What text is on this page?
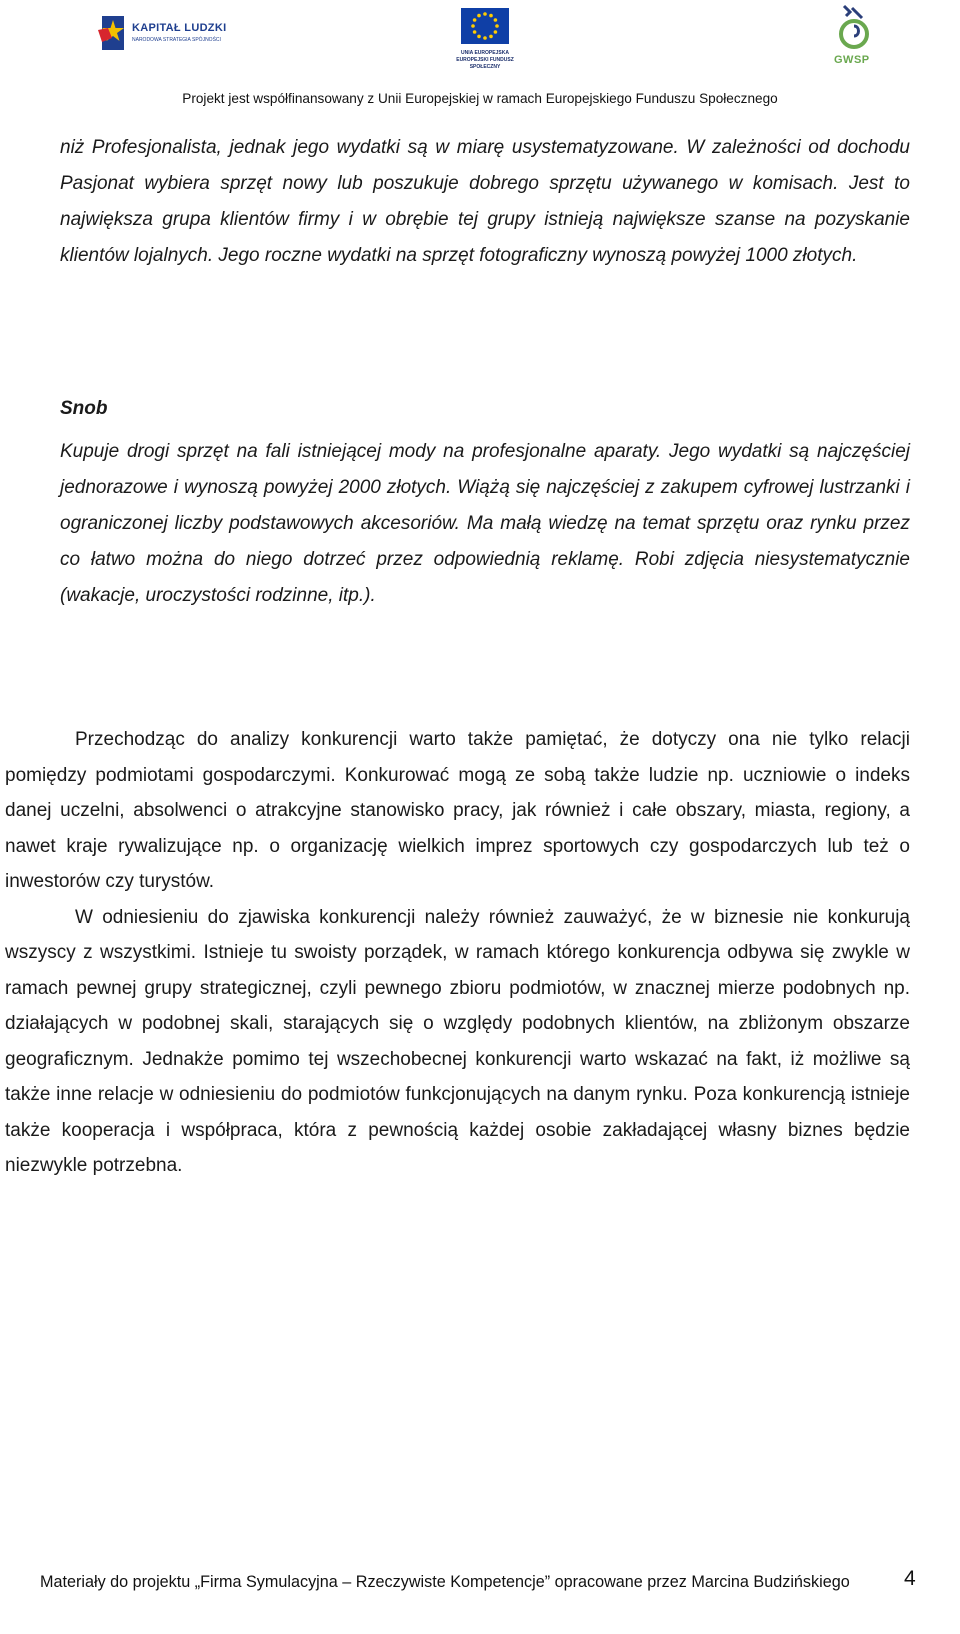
KAPITAŁ LUDZKI
NARODOWA STRATEGIA SPÓJNOŚCI
UNIA EUROPEJSKA
EUROPEJSKI FUNDUSZ
SPOŁECZNY
GWSP
Projekt jest współfinansowany z Unii Europejskiej w ramach Europejskiego Funduszu Społecznego

niż Profesjonalista, jednak jego wydatki są w miarę usystematyzowane. W zależności od dochodu Pasjonat wybiera sprzęt nowy lub poszukuje dobrego sprzętu używanego w komisach. Jest to największa grupa klientów firmy i w obrębie tej grupy istnieją największe szanse na pozyskanie klientów lojalnych. Jego roczne wydatki na sprzęt fotograficzny wynoszą powyżej 1000 złotych.

Snob

Kupuje drogi sprzęt na fali istniejącej mody na profesjonalne aparaty. Jego wydatki są najczęściej jednorazowe i wynoszą powyżej 2000 złotych. Wiążą się najczęściej z zakupem cyfrowej lustrzanki i ograniczonej liczby podstawowych akcesoriów. Ma małą wiedzę na temat sprzętu oraz rynku przez co łatwo można do niego dotrzeć przez odpowiednią reklamę. Robi zdjęcia niesystematycznie (wakacje, uroczystości rodzinne, itp.).

Przechodząc do analizy konkurencji warto także pamiętać, że dotyczy ona nie tylko relacji pomiędzy podmiotami gospodarczymi. Konkurować mogą ze sobą także ludzie np. uczniowie o indeks danej uczelni, absolwenci o atrakcyjne stanowisko pracy, jak również i całe obszary, miasta, regiony, a nawet kraje rywalizujące np. o organizację wielkich imprez sportowych czy gospodarczych lub też o inwestorów czy turystów.

W odniesieniu do zjawiska konkurencji należy również zauważyć, że w biznesie nie konkurują wszyscy z wszystkimi. Istnieje tu swoisty porządek, w ramach którego konkurencja odbywa się zwykle w ramach pewnej grupy strategicznej, czyli pewnego zbioru podmiotów, w znacznej mierze podobnych np. działających w podobnej skali, starających się o względy podobnych klientów, na zbliżonym obszarze geograficznym. Jednakże pomimo tej wszechobecnej konkurencji warto wskazać na fakt, iż możliwe są także inne relacje w odniesieniu do podmiotów funkcjonujących na danym rynku. Poza konkurencją istnieje także kooperacja i współpraca, która z pewnością każdej osobie zakładającej własny biznes będzie niezwykle potrzebna.

Materiały do projektu „Firma Symulacyjna – Rzeczywiste Kompetencje” opracowane przez Marcina Budzińskiego	4
